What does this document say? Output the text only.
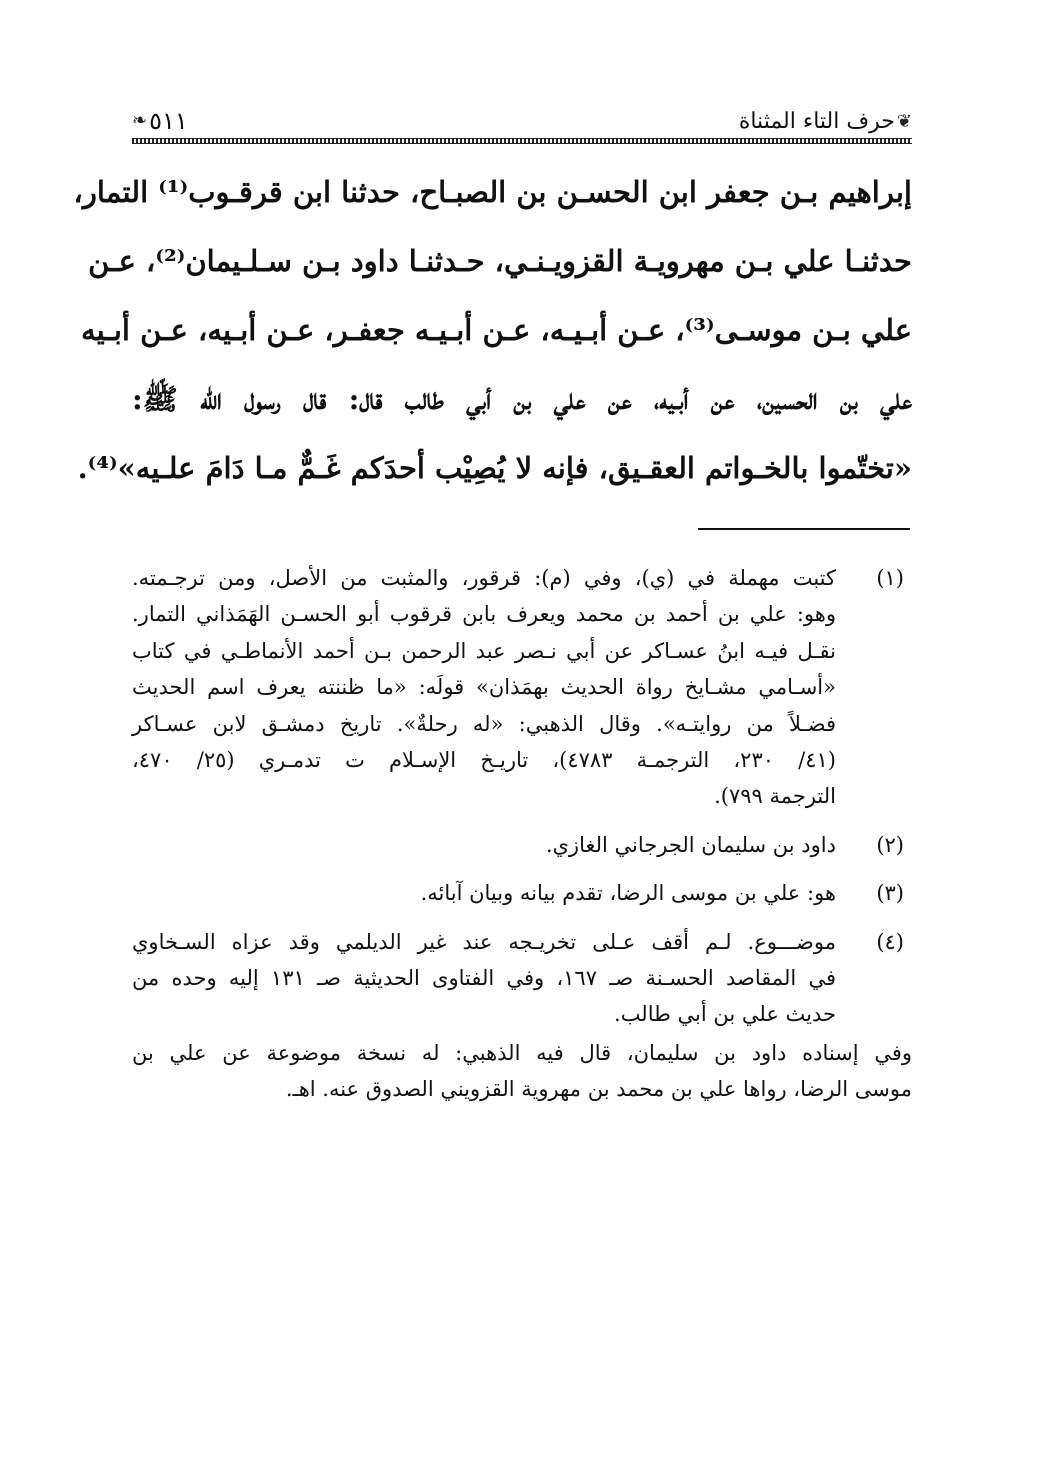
❦
حرف التاء المثناة
٥١١
❧
إبراهيم بـن جعفر ابن الحسـن بن الصبـاح، حدثنا ابن قرقـوب⁽¹⁾ التمار،
حدثنـا علي بـن مهرويـة القزويـنـي، حـدثنـا داود بـن سـلـيمان⁽²⁾، عـن
علي بـن موسـى⁽³⁾، عـن أبـيـه، عـن أبـيـه جعفـر، عـن أبـيه، عـن أبـيه
علي بن الحسين، عن أبـيه، عن علي بن أبي طالب قال: قال رسول الله ﷺ:
«تختّموا بالخـواتم العقـيق، فإنه لا يُصِيْب أحدَكم غَـمٌّ مـا دَامَ علـيه»⁽⁴⁾.
(١)
كتبت مهملة في (ي)، وفي (م): قرقور، والمثبت من الأصل، ومن ترجـمته.
وهو: علي بن أحمد بن محمد ويعرف بابن قرقوب أبو الحسـن الهَمَذاني التمار.
نقـل فيـه ابنُ عسـاكر عن أبي نـصر عبد الرحمن بـن أحمد الأنماطـي في كتاب
«أسـامي مشـايخ رواة الحديث بهمَذان» قولَه: «ما ظننته يعرف اسم الحديث
فضـلاً من روايتـه». وقال الذهبي: «له رحلةٌ». تاريخ دمشـق لابن عسـاكر
(٤١/ ٢٣٠، الترجمـة ٤٧٨٣)، تاريـخ الإسـلام ت تدمـري (٢٥/ ٤٧٠،
الترجمة ٧٩٩).
(٢)
داود بن سليمان الجرجاني الغازي.
(٣)
هو: علي بن موسى الرضا، تقدم بيانه وبيان آبائه.
(٤)
موضـــوع. لـم أقف عـلى تخريـجه عند غير الديلمي وقد عزاه السـخاوي
في المقاصد الحسـنة صـ ١٦٧، وفي الفتاوى الحديثية صـ ١٣١ إليه وحده من
حديث علي بن أبي طالب.
وفي إسناده داود بن سليمان، قال فيه الذهبي: له نسخة موضوعة عن علي بن
موسى الرضا، رواها علي بن محمد بن مهروية القزويني الصدوق عنه. اهـ.
